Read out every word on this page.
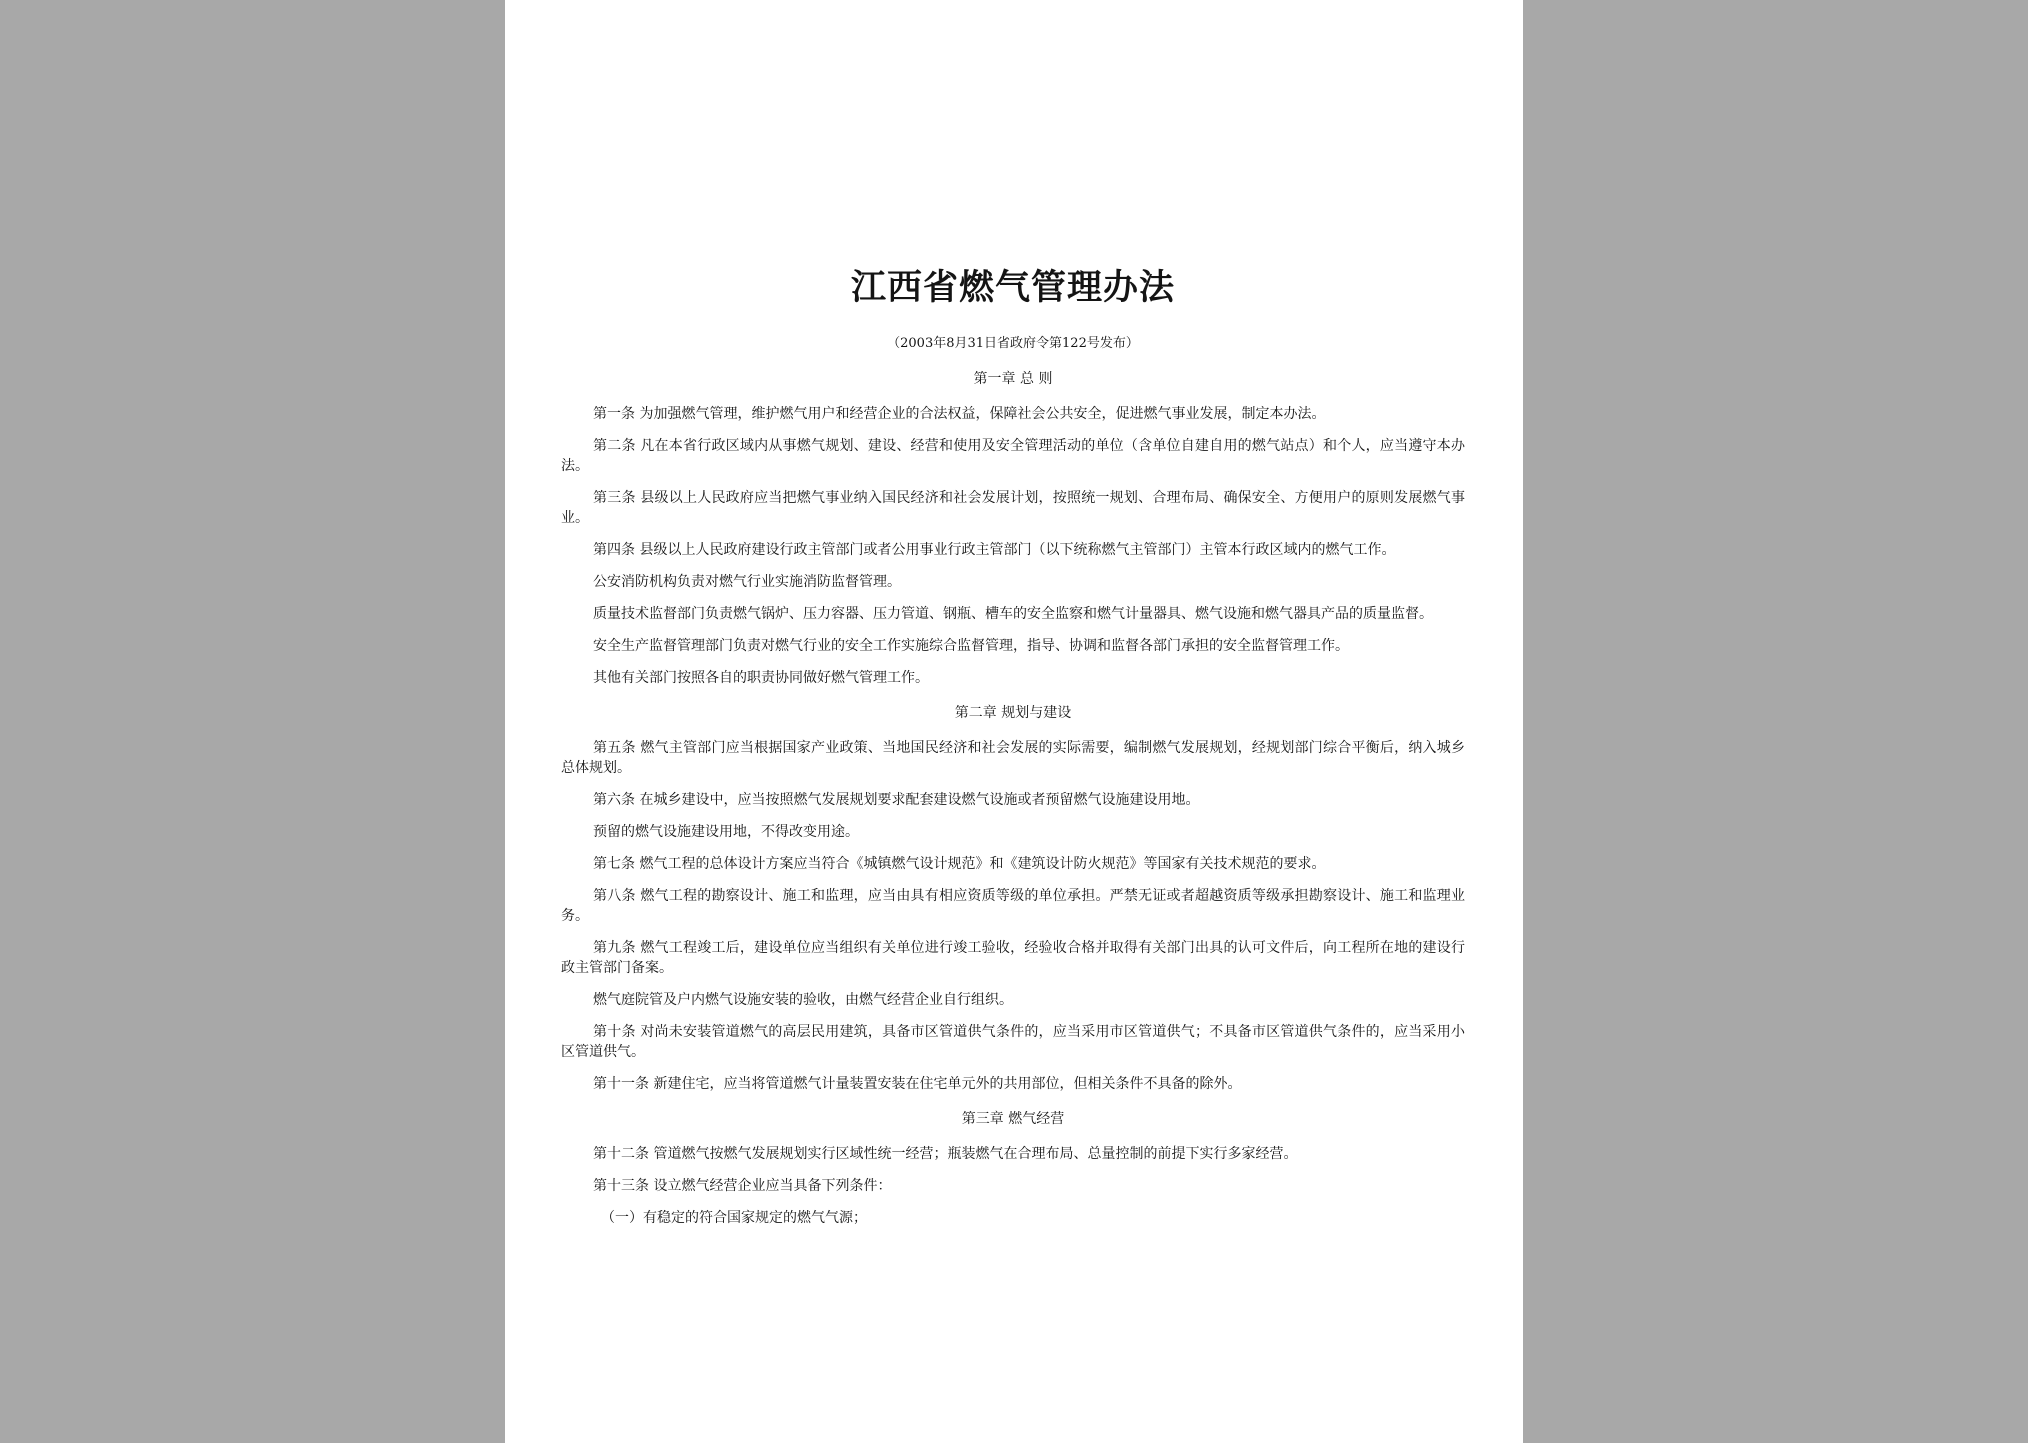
江西省燃气管理办法
（2003年8月31日省政府令第122号发布）
第一章 总 则

第一条 为加强燃气管理，维护燃气用户和经营企业的合法权益，保障社会公共安全，促进燃气事业发展，制定本办法。

第二条 凡在本省行政区域内从事燃气规划、建设、经营和使用及安全管理活动的单位（含单位自建自用的燃气站点）和个人，应当遵守本办法。

第三条 县级以上人民政府应当把燃气事业纳入国民经济和社会发展计划，按照统一规划、合理布局、确保安全、方便用户的原则发展燃气事业。

第四条 县级以上人民政府建设行政主管部门或者公用事业行政主管部门（以下统称燃气主管部门）主管本行政区域内的燃气工作。

公安消防机构负责对燃气行业实施消防监督管理。

质量技术监督部门负责燃气锅炉、压力容器、压力管道、钢瓶、槽车的安全监察和燃气计量器具、燃气设施和燃气器具产品的质量监督。

安全生产监督管理部门负责对燃气行业的安全工作实施综合监督管理，指导、协调和监督各部门承担的安全监督管理工作。

其他有关部门按照各自的职责协同做好燃气管理工作。

第二章 规划与建设

第五条 燃气主管部门应当根据国家产业政策、当地国民经济和社会发展的实际需要，编制燃气发展规划，经规划部门综合平衡后，纳入城乡总体规划。

第六条 在城乡建设中，应当按照燃气发展规划要求配套建设燃气设施或者预留燃气设施建设用地。

预留的燃气设施建设用地，不得改变用途。

第七条 燃气工程的总体设计方案应当符合《城镇燃气设计规范》和《建筑设计防火规范》等国家有关技术规范的要求。

第八条 燃气工程的勘察设计、施工和监理，应当由具有相应资质等级的单位承担。严禁无证或者超越资质等级承担勘察设计、施工和监理业务。

第九条 燃气工程竣工后，建设单位应当组织有关单位进行竣工验收，经验收合格并取得有关部门出具的认可文件后，向工程所在地的建设行政主管部门备案。

燃气庭院管及户内燃气设施安装的验收，由燃气经营企业自行组织。

第十条 对尚未安装管道燃气的高层民用建筑，具备市区管道供气条件的，应当采用市区管道供气；不具备市区管道供气条件的，应当采用小区管道供气。

第十一条 新建住宅，应当将管道燃气计量装置安装在住宅单元外的共用部位，但相关条件不具备的除外。

第三章 燃气经营

第十二条 管道燃气按燃气发展规划实行区域性统一经营；瓶装燃气在合理布局、总量控制的前提下实行多家经营。

第十三条 设立燃气经营企业应当具备下列条件：

（一）有稳定的符合国家规定的燃气气源；
